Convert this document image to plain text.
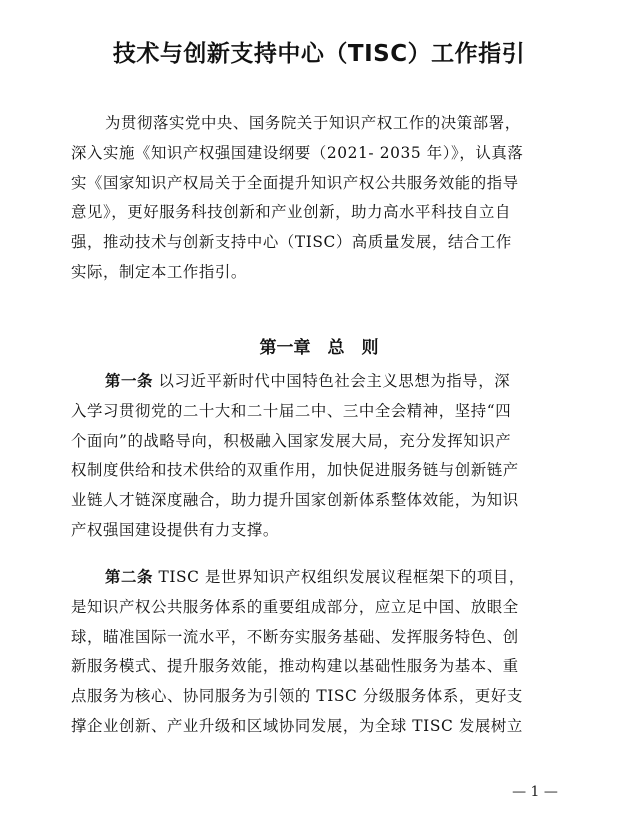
技术与创新支持中心（TISC）工作指引
为贯彻落实党中央、国务院关于知识产权工作的决策部署，
深入实施《知识产权强国建设纲要（2021- 2035 年）》，认真落
实《国家知识产权局关于全面提升知识产权公共服务效能的指导
意见》，更好服务科技创新和产业创新，助力高水平科技自立自
强，推动技术与创新支持中心（TISC）高质量发展，结合工作
实际，制定本工作指引。
第一章　总　则
第一条 以习近平新时代中国特色社会主义思想为指导，深
入学习贯彻党的二十大和二十届二中、三中全会精神，坚持“四
个面向”的战略导向，积极融入国家发展大局，充分发挥知识产
权制度供给和技术供给的双重作用，加快促进服务链与创新链产
业链人才链深度融合，助力提升国家创新体系整体效能，为知识
产权强国建设提供有力支撑。
第二条 TISC 是世界知识产权组织发展议程框架下的项目，
是知识产权公共服务体系的重要组成部分，应立足中国、放眼全
球，瞄准国际一流水平，不断夯实服务基础、发挥服务特色、创
新服务模式、提升服务效能，推动构建以基础性服务为基本、重
点服务为核心、协同服务为引领的 TISC 分级服务体系，更好支
撑企业创新、产业升级和区域协同发展，为全球 TISC 发展树立
— 1 —
